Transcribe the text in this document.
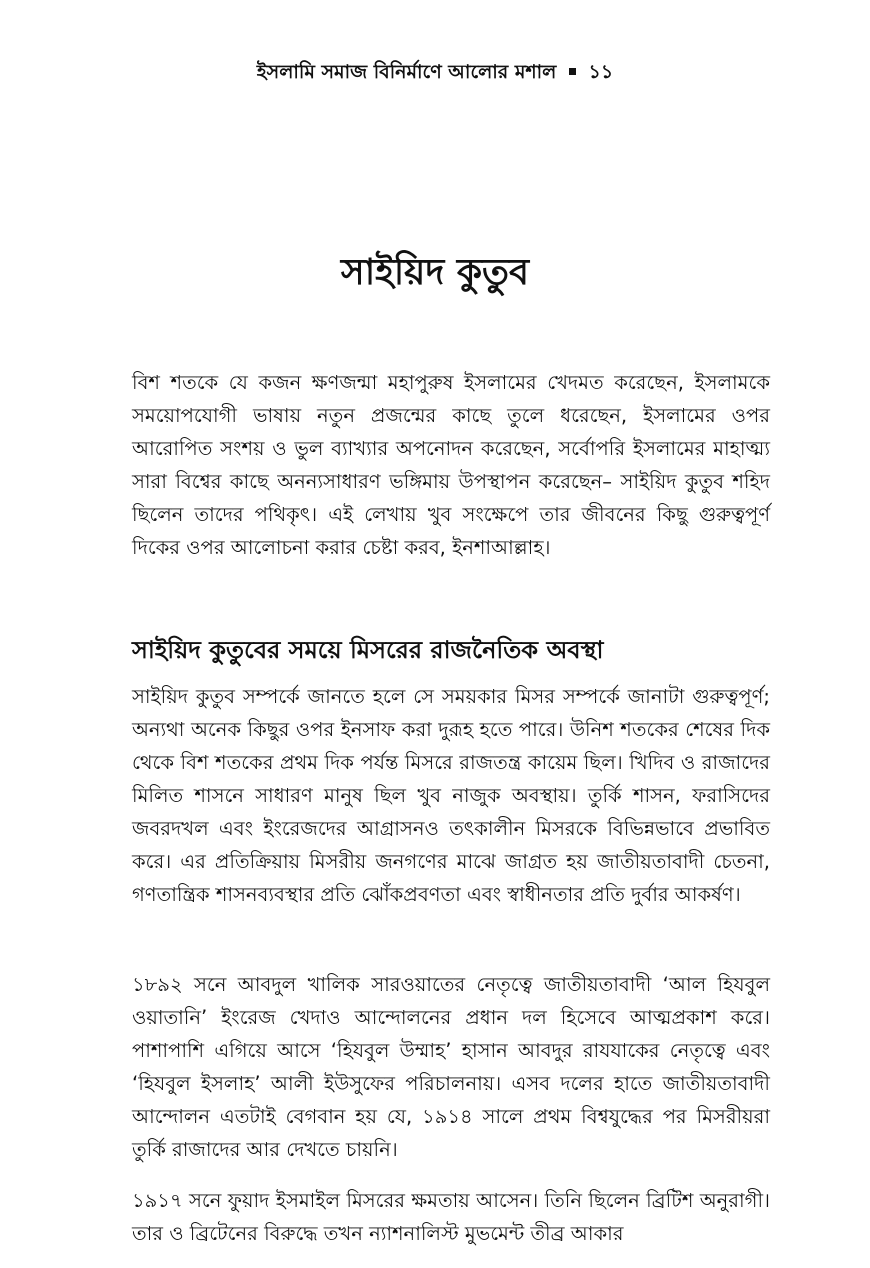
ইসলামি সমাজ বিনির্মাণে আলোর মশাল ১১
সাইয়িদ কুতুব

বিশ শতকে যে কজন ক্ষণজন্মা মহাপুরুষ ইসলামের খেদমত করেছেন, ইসলামকে সময়োপযোগী ভাষায় নতুন প্রজন্মের কাছে তুলে ধরেছেন, ইসলামের ওপর আরোপিত সংশয় ও ভুল ব্যাখ্যার অপনোদন করেছেন, সর্বোপরি ইসলামের মাহাত্ম্য সারা বিশ্বের কাছে অনন্যসাধারণ ভঙ্গিমায় উপস্থাপন করেছেন– সাইয়িদ কুতুব শহিদ ছিলেন তাদের পথিকৃৎ। এই লেখায় খুব সংক্ষেপে তার জীবনের কিছু গুরুত্বপূর্ণ দিকের ওপর আলোচনা করার চেষ্টা করব, ইনশাআল্লাহ।

সাইয়িদ কুতুবের সময়ে মিসরের রাজনৈতিক অবস্থা

সাইয়িদ কুতুব সম্পর্কে জানতে হলে সে সময়কার মিসর সম্পর্কে জানাটা গুরুত্বপূর্ণ; অন্যথা অনেক কিছুর ওপর ইনসাফ করা দুরূহ হতে পারে। উনিশ শতকের শেষের দিক থেকে বিশ শতকের প্রথম দিক পর্যন্ত মিসরে রাজতন্ত্র কায়েম ছিল। খিদিব ও রাজাদের মিলিত শাসনে সাধারণ মানুষ ছিল খুব নাজুক অবস্থায়। তুর্কি শাসন, ফরাসিদের জবরদখল এবং ইংরেজদের আগ্রাসনও তৎকালীন মিসরকে বিভিন্নভাবে প্রভাবিত করে। এর প্রতিক্রিয়ায় মিসরীয় জনগণের মাঝে জাগ্রত হয় জাতীয়তাবাদী চেতনা, গণতান্ত্রিক শাসনব্যবস্থার প্রতি ঝোঁকপ্রবণতা এবং স্বাধীনতার প্রতি দুর্বার আকর্ষণ।

১৮৯২ সনে আবদুল খালিক সারওয়াতের নেতৃত্বে জাতীয়তাবাদী ‘আল হিযবুল ওয়াতানি’ ইংরেজ খেদাও আন্দোলনের প্রধান দল হিসেবে আত্মপ্রকাশ করে। পাশাপাশি এগিয়ে আসে ‘হিযবুল উম্মাহ’ হাসান আবদুর রাযযাকের নেতৃত্বে এবং ‘হিযবুল ইসলাহ’ আলী ইউসুফের পরিচালনায়। এসব দলের হাতে জাতীয়তাবাদী আন্দোলন এতটাই বেগবান হয় যে, ১৯১৪ সালে প্রথম বিশ্বযুদ্ধের পর মিসরীয়রা তুর্কি রাজাদের আর দেখতে চায়নি।

১৯১৭ সনে ফুয়াদ ইসমাইল মিসরের ক্ষমতায় আসেন। তিনি ছিলেন ব্রিটিশ অনুরাগী। তার ও ব্রিটেনের বিরুদ্ধে তখন ন্যাশনালিস্ট মুভমেন্ট তীব্র আকার
